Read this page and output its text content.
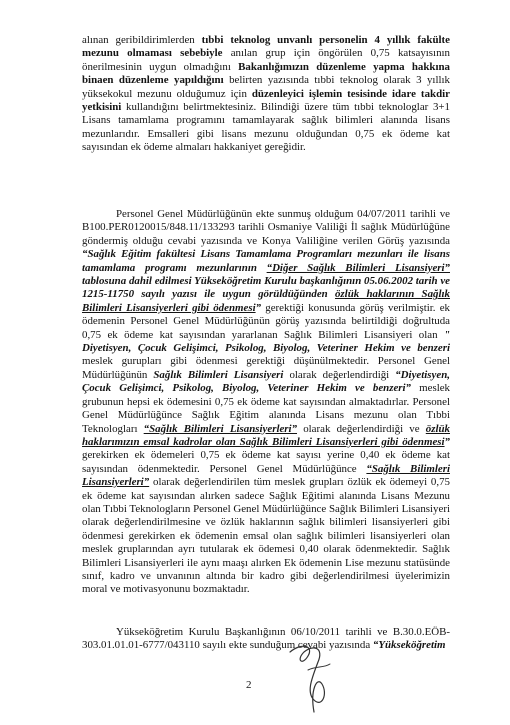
alınan geribildirimlerden tıbbi teknolog unvanlı personelin 4 yıllık fakülte mezunu olmaması sebebiyle anılan grup için öngörülen 0,75 katsayısının önerilmesinin uygun olmadığını Bakanlığımızın düzenleme yapma hakkına binaen düzenleme yapıldığını belirten yazısında tıbbi teknolog olarak 3 yıllık yüksekokul mezunu olduğumuz için düzenleyici işlemin tesisinde idare takdir yetkisini kullandığını belirtmektesiniz. Bilindiği üzere tüm tıbbi teknologlar 3+1 Lisans tamamlama programını tamamlayarak sağlık bilimleri alanında lisans mezunlarıdır. Emsalleri gibi lisans mezunu olduğundan 0,75 ek ödeme kat sayısından ek ödeme almaları hakkaniyet gereğidir.

Personel Genel Müdürlüğünün ekte sunmuş olduğum 04/07/2011 tarihli ve B100.PER0120015/848.11/133293 tarihli Osmaniye Valiliği İl sağlık Müdürlüğüne göndermiş olduğu cevabi yazısında ve Konya Valiliğine verilen Görüş yazısında “Sağlık Eğitim fakültesi Lisans Tamamlama Programları mezunları ile lisans tamamlama programı mezunlarının “Diğer Sağlık Bilimleri Lisansiyeri” tablosuna dahil edilmesi Yükseköğretim Kurulu başkanlığının 05.06.2002 tarih ve 1215-11750 sayılı yazısı ile uygun görüldüğünden özlük haklarının Sağlık Bilimleri Lisansiyerleri gibi ödenmesi” gerektiği konusunda görüş verilmiştir. ek ödemenin Personel Genel Müdürlüğünün görüş yazısında belirtildiği doğrultuda 0,75 ek ödeme kat sayısından yararlanan Sağlık Bilimleri Lisansiyeri olan " Diyetisyen, Çocuk Gelişimci, Psikolog, Biyolog, Veteriner Hekim ve benzeri meslek gurupları gibi ödenmesi gerektiği düşünülmektedir. Personel Genel Müdürlüğünün Sağlık Bilimleri Lisansiyeri olarak değerlendirdiği “Diyetisyen, Çocuk Gelişimci, Psikolog, Biyolog, Veteriner Hekim ve benzeri” meslek grubunun hepsi ek ödemesini 0,75 ek ödeme kat sayısından almaktadırlar. Personel Genel Müdürlüğünce Sağlık Eğitim alanında Lisans mezunu olan Tıbbi Teknologları “Sağlık Bilimleri Lisansiyerleri” olarak değerlendirdiği ve özlük haklarımızın emsal kadrolar olan Sağlık Bilimleri Lisansiyerleri gibi ödenmesi” gerekirken ek ödemeleri 0,75 ek ödeme kat sayısı yerine 0,40 ek ödeme kat sayısından ödenmektedir. Personel Genel Müdürlüğünce “Sağlık Bilimleri Lisansiyerleri” olarak değerlendirilen tüm meslek grupları özlük ek ödemeyi 0,75 ek ödeme kat sayısından alırken sadece Sağlık Eğitimi alanında Lisans Mezunu olan Tıbbi Teknologların Personel Genel Müdürlüğünce Sağlık Bilimleri Lisansiyeri olarak değerlendirilmesine ve özlük haklarının sağlık bilimleri lisansiyerleri gibi ödenmesi gerekirken ek ödemenin emsal olan sağlık bilimleri lisansiyerleri olan meslek gruplarından ayrı tutularak ek ödemesi 0,40 olarak ödenmektedir. Sağlık Bilimleri Lisansiyerleri ile aynı maaşı alırken Ek ödemenin Lise mezunu statüsünde sınıf, kadro ve unvanının altında bir kadro gibi değerlendirilmesi üyelerimizin moral ve motivasyonunu bozmaktadır.

Yükseköğretim Kurulu Başkanlığının 06/10/2011 tarihli ve B.30.0.EÖB-303.01.01.01-6777/043110 sayılı ekte sunduğum cevabi yazısında “Yükseköğretim

2
